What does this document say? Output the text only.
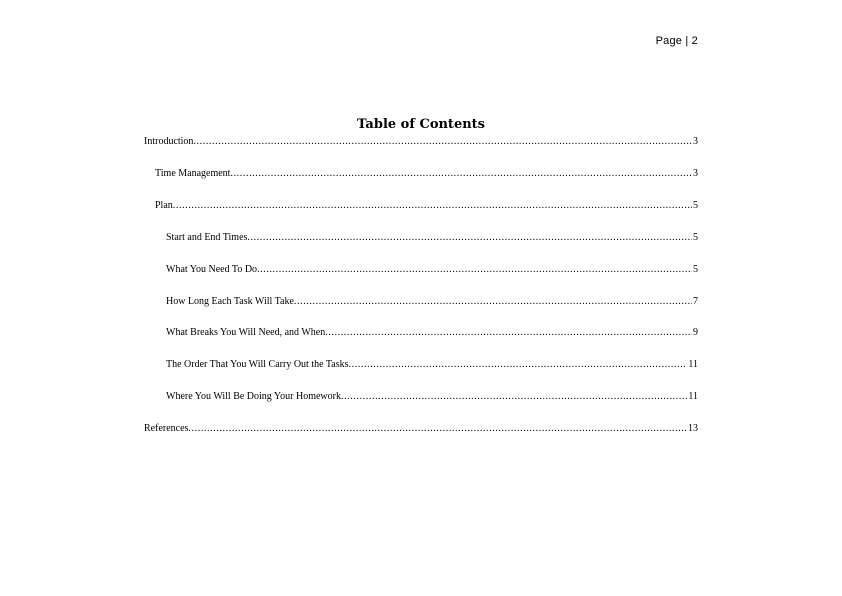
Page | 2
Table of Contents
Introduction .....	3
Time Management .....	3
Plan .....	5
Start and End Times .....	5
What You Need To Do .....	5
How Long Each Task Will Take .....	7
What Breaks You Will Need, and When .....	9
The Order That You Will Carry Out the Tasks .....	11
Where You Will Be Doing Your Homework .....	11
References .....	13
